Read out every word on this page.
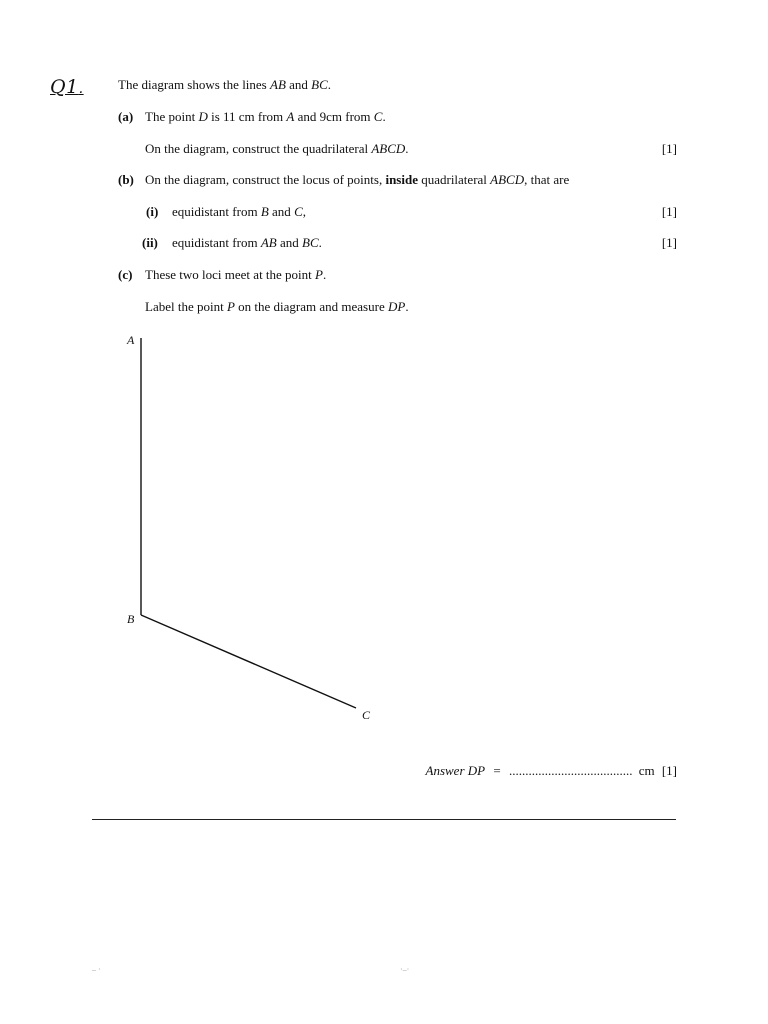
Q1.	The diagram shows the lines AB and BC.
(a) The point D is 11 cm from A and 9cm from C.
On the diagram, construct the quadrilateral ABCD.	[1]
(b) On the diagram, construct the locus of points, inside quadrilateral ABCD, that are
(i) equidistant from B and C,	[1]
(ii) equidistant from AB and BC.	[1]
(c) These two loci meet at the point P.
Label the point P on the diagram and measure DP.
A
B
C
Answer DP = ...................................... cm [1]
– ·	·–·
